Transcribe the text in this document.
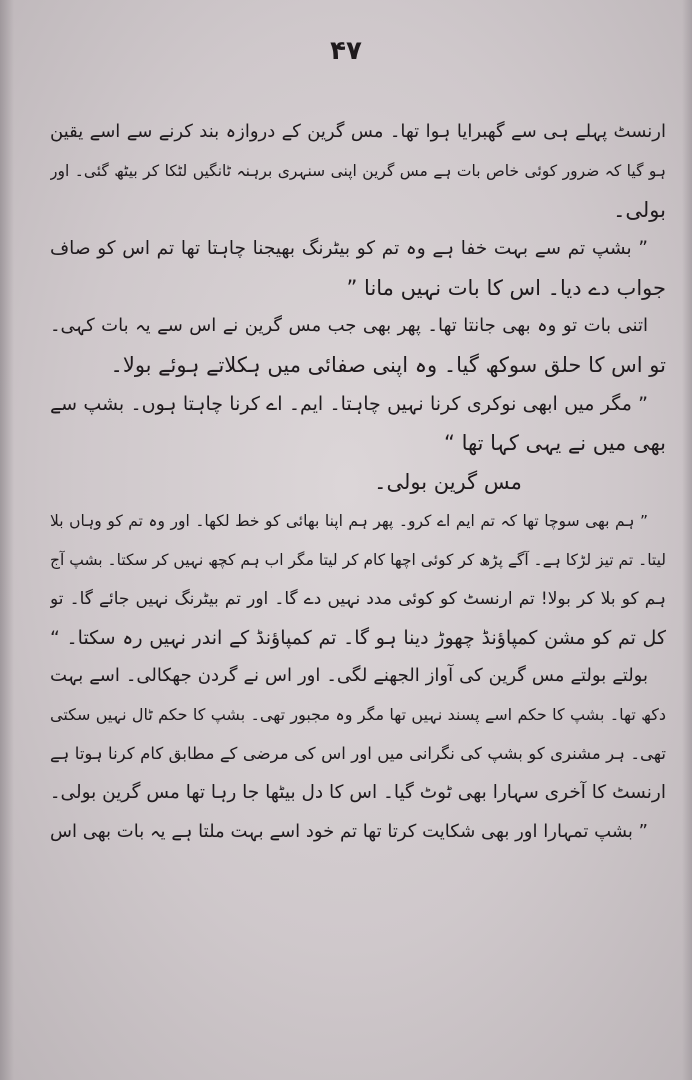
۴۷
ارنسٹ پہلے ہی سے گھبرایا ہوا تھا۔ مس گرین کے دروازہ بند کرنے سے اسے یقین
ہو گیا کہ ضرور کوئی خاص بات ہے مس گرین اپنی سنہری برہنہ ٹانگیں لٹکا کر بیٹھ گئی۔ اور
بولی۔
” بشپ تم سے بہت خفا ہے وہ تم کو بیٹرنگ بھیجنا چاہتا تھا تم اس کو صاف
جواب دے دیا۔ اس کا بات نہیں مانا ”
اتنی بات تو وہ بھی جانتا تھا۔ پھر بھی جب مس گرین نے اس سے یہ بات کہی۔
تو اس کا حلق سوکھ گیا۔ وہ اپنی صفائی میں ہکلاتے ہوئے بولا۔
” مگر میں ابھی نوکری کرنا نہیں چاہتا۔ ایم۔ اے کرنا چاہتا ہوں۔ بشپ سے
بھی میں نے یہی کہا تھا “
مس گرین بولی۔
” ہم بھی سوچا تھا کہ تم ایم اے کرو۔ پھر ہم اپنا بھائی کو خط لکھا۔ اور وہ تم کو وہاں بلا
لیتا۔ تم تیز لڑکا ہے۔ آگے پڑھ کر کوئی اچھا کام کر لیتا مگر اب ہم کچھ نہیں کر سکتا۔ بشپ آج
ہم کو بلا کر بولا! تم ارنسٹ کو کوئی مدد نہیں دے گا۔ اور تم بیٹرنگ نہیں جائے گا۔ تو
کل تم کو مشن کمپاؤنڈ چھوڑ دینا ہو گا۔ تم کمپاؤنڈ کے اندر نہیں رہ سکتا۔ “
بولتے بولتے مس گرین کی آواز الجھنے لگی۔ اور اس نے گردن جھکالی۔ اسے بہت
دکھ تھا۔ بشپ کا حکم اسے پسند نہیں تھا مگر وہ مجبور تھی۔ بشپ کا حکم ٹال نہیں سکتی
تھی۔ ہر مشنری کو بشپ کی نگرانی میں اور اس کی مرضی کے مطابق کام کرنا ہوتا ہے
ارنسٹ کا آخری سہارا بھی ٹوٹ گیا۔ اس کا دل بیٹھا جا رہا تھا مس گرین بولی۔
” بشپ تمہارا اور بھی شکایت کرتا تھا تم خود اسے بہت ملتا ہے یہ بات بھی اس
